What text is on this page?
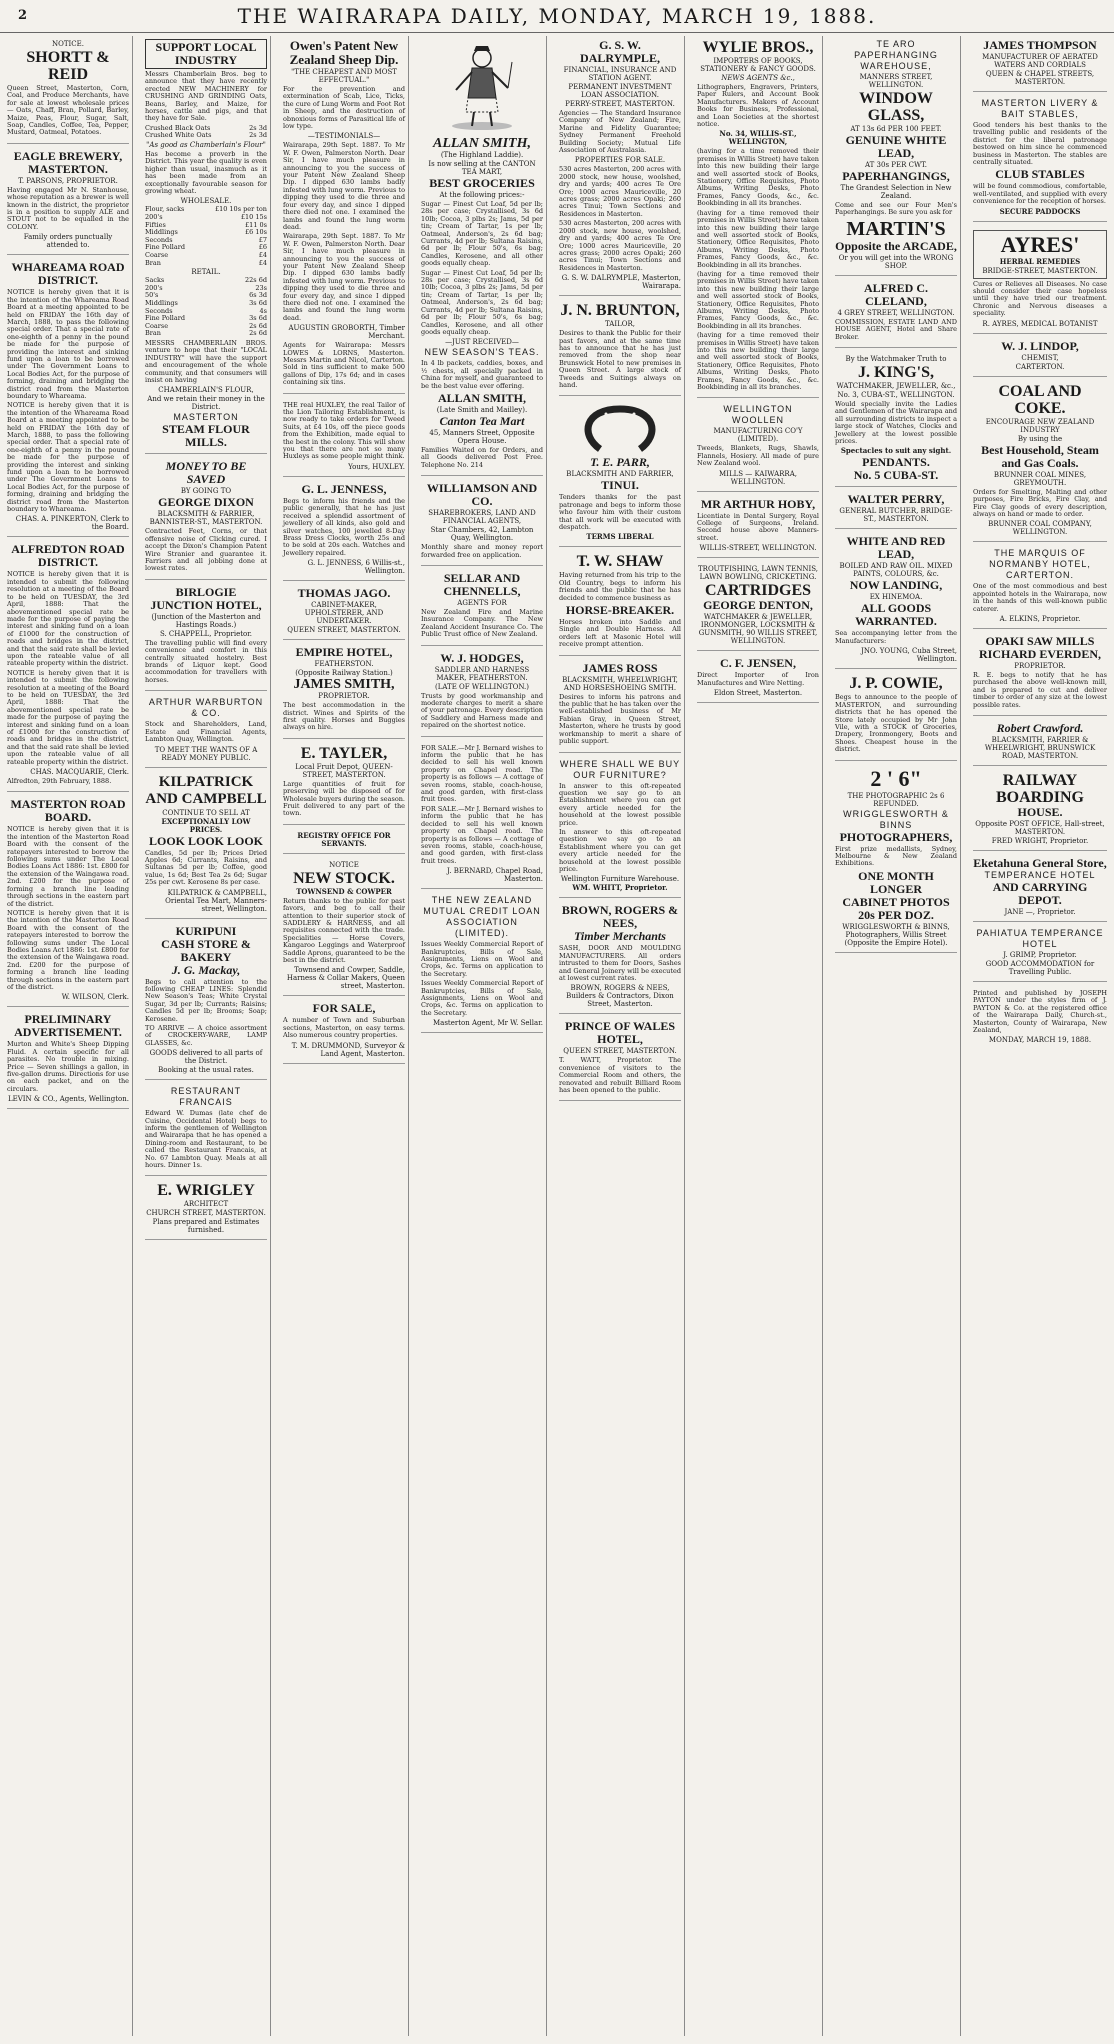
2	THE WAIRARAPA DAILY, MONDAY, MARCH 19, 1888.
NOTICE.
SHORTT & REID
Queen Street, Masterton, Corn, Coal, and Produce Merchants, have for sale at lowest wholesale prices — Oats, Chaff, Bran, Pollard, Barley, Maize, Peas, Flour, Sugar, Salt, Soap, Candles, Coffee, Tea, Pepper, Mustard, Oatmeal, Potatoes.
EAGLE BREWERY, MASTERTON.
T. PARSONS, PROPRIETOR.
Having engaged Mr N. Stanhouse, whose reputation as a brewer is well known in the district, the proprietor is in a position to supply ALE and STOUT not to be equalled in the COLONY.
Family orders punctually attended to.
WHAREAMA ROAD DISTRICT.
NOTICE is hereby given that it is the intention of the Whareama Road Board at a meeting appointed to be held on FRIDAY the 16th day of March, 1888, to pass the following special order. That a special rate of one-eighth of a penny in the pound be made for the purpose of providing the interest and sinking fund upon a loan to be borrowed under The Government Loans to Local Bodies Act, for the purpose of forming, draining and bridging the district road from the Masterton boundary to Whareama.
NOTICE is hereby given that it is the intention of the Whareama Road Board at a meeting appointed to be held on FRIDAY the 16th day of March, 1888, to pass the following special order. That a special rate of one-eighth of a penny in the pound be made for the purpose of providing the interest and sinking fund upon a loan to be borrowed under The Government Loans to Local Bodies Act, for the purpose of forming, draining and bridging the district road from the Masterton boundary to Whareama.
CHAS. A. PINKERTON, Clerk to the Board.
ALFREDTON ROAD DISTRICT.
NOTICE is hereby given that it is intended to submit the following resolution at a meeting of the Board to be held on TUESDAY, the 3rd April, 1888: That the abovementioned special rate be made for the purpose of paying the interest and sinking fund on a loan of £1000 for the construction of roads and bridges in the district, and that the said rate shall be levied upon the rateable value of all rateable property within the district.
NOTICE is hereby given that it is intended to submit the following resolution at a meeting of the Board to be held on TUESDAY, the 3rd April, 1888: That the abovementioned special rate be made for the purpose of paying the interest and sinking fund on a loan of £1000 for the construction of roads and bridges in the district, and that the said rate shall be levied upon the rateable value of all rateable property within the district.
CHAS. MACQUARIE, Clerk.
Alfredton, 29th February, 1888.
MASTERTON ROAD BOARD.
NOTICE is hereby given that it is the intention of the Masterton Road Board with the consent of the ratepayers interested to borrow the following sums under The Local Bodies Loans Act 1886: 1st. £800 for the extension of the Waingawa road. 2nd. £200 for the purpose of forming a branch line leading through sections in the eastern part of the district.
NOTICE is hereby given that it is the intention of the Masterton Road Board with the consent of the ratepayers interested to borrow the following sums under The Local Bodies Loans Act 1886: 1st. £800 for the extension of the Waingawa road. 2nd. £200 for the purpose of forming a branch line leading through sections in the eastern part of the district.
W. WILSON, Clerk.
PRELIMINARY ADVERTISEMENT.
Murton and White's Sheep Dipping Fluid. A certain specific for all parasites. No trouble in mixing. Price — Seven shillings a gallon, in five-gallon drums. Directions for use on each packet, and on the circulars.
LEVIN & CO., Agents, Wellington.
SUPPORT LOCAL INDUSTRY
Messrs Chamberlain Bros. beg to announce that they have recently erected NEW MACHINERY for CRUSHING AND GRINDING Oats, Beans, Barley, and Maize, for horses, cattle and pigs, and that they have for Sale.
Crushed Black Oats	2s 3d
Crushed White Oats	2s 3d
"As good as Chamberlain's Flour"
Has become a proverb in the District. This year the quality is even higher than usual, inasmuch as it has been made from an exceptionally favourable season for growing wheat.
WHOLESALE.
Flour, sacks	£10 10s per ton
200's	£10 15s
Fifties	£11 0s
Middlings	£6 10s
Seconds	£7
Fine Pollard	£6
Coarse	£4
Bran	£4
RETAIL.
Sacks	22s 6d
200's	23s
50's	6s 3d
Middlings	3s 6d
Seconds	4s
Fine Pollard	3s 6d
Coarse	2s 6d
Bran	2s 6d
MESSRS CHAMBERLAIN BROS. venture to hope that their "LOCAL INDUSTRY" will have the support and encouragement of the whole community, and that consumers will insist on having
CHAMBERLAIN'S FLOUR,
And we retain their money in the District.
MASTERTON
STEAM FLOUR MILLS.
MONEY TO BE SAVED
BY GOING TO
GEORGE DIXON
BLACKSMITH & FARRIER, BANNISTER-ST., MASTERTON.
Contracted Feet, Corns, or that offensive noise of Clicking cured. I accept the Dixon's Champion Patent Wire Stranier and guarantee it. Farriers and all jobbing done at lowest rates.
BIRLOGIE JUNCTION HOTEL,
(Junction of the Masterton and Hastings Roads.)
S. CHAPPELL, Proprietor.
The travelling public will find every convenience and comfort in this centrally situated hostelry. Best brands of Liquor kept. Good accommodation for travellers with horses.
ARTHUR WARBURTON & CO.
Stock and Shareholders, Land, Estate and Financial Agents, Lambton Quay, Wellington.
TO MEET THE WANTS OF A READY MONEY PUBLIC.
KILPATRICK AND CAMPBELL
CONTINUE TO SELL AT
EXCEPTIONALLY LOW PRICES.
LOOK LOOK LOOK
Candles, 5d per lb; Prices Dried Apples 6d; Currants, Raisins, and Sultanas 5d per lb; Coffee, good value, 1s 6d; Best Tea 2s 6d; Sugar 25s per cwt. Kerosene 8s per case.
KILPATRICK & CAMPBELL, Oriental Tea Mart, Manners-street, Wellington.
KURIPUNI
CASH STORE & BAKERY
J. G. Mackay,
Begs to call attention to the following CHEAP LINES: Splendid New Season's Teas; White Crystal Sugar, 3d per lb; Currants; Raisins; Candles 5d per lb; Brooms; Soap; Kerosene.
TO ARRIVE — A choice assortment of CROCKERY-WARE, LAMP GLASSES, &c.
GOODS delivered to all parts of the District.
Booking at the usual rates.
RESTAURANT FRANCAIS
Edward W. Dumas (late chef de Cuisine, Occidental Hotel) begs to inform the gentlemen of Wellington and Wairarapa that he has opened a Dining-room and Restaurant, to be called the Restaurant Francais, at No. 67 Lambton Quay. Meals at all hours. Dinner 1s.
E. WRIGLEY
ARCHITECT
CHURCH STREET, MASTERTON.
Plans prepared and Estimates furnished.
Owen's Patent New Zealand Sheep Dip.
"THE CHEAPEST AND MOST EFFECTUAL."
For the prevention and extermination of Scab, Lice, Ticks, the cure of Lung Worm and Foot Rot in Sheep, and the destruction of obnoxious forms of Parasitical life of low type.
—TESTIMONIALS—
Wairarapa, 29th Sept. 1887. To Mr W. F. Owen, Palmerston North. Dear Sir, I have much pleasure in announcing to you the success of your Patent New Zealand Sheep Dip. I dipped 630 lambs badly infested with lung worm. Previous to dipping they used to die three and four every day, and since I dipped there died not one. I examined the lambs and found the lung worm dead.
Wairarapa, 29th Sept. 1887. To Mr W. F. Owen, Palmerston North. Dear Sir, I have much pleasure in announcing to you the success of your Patent New Zealand Sheep Dip. I dipped 630 lambs badly infested with lung worm. Previous to dipping they used to die three and four every day, and since I dipped there died not one. I examined the lambs and found the lung worm dead.
AUGUSTIN GROBORTH, Timber Merchant.
Agents for Wairarapa: Messrs LOWES & LORNS, Masterton. Messrs Martin and Nicol, Carterton. Sold in tins sufficient to make 500 gallons of Dip, 17s 6d; and in cases containing six tins.
THE real HUXLEY, the real Tailor of the Lion Tailoring Establishment, is now ready to take orders for Tweed Suits, at £4 10s, off the piece goods from the Exhibition, made equal to the best in the colony. This will show you that there are not so many Huxleys as some people might think.
Yours, HUXLEY.
G. L. JENNESS,
Begs to inform his friends and the public generally, that he has just received a splendid assortment of jewellery of all kinds, also gold and silver watches, 100 jewelled 8-Day Brass Dress Clocks, worth 25s and to be sold at 20s each. Watches and Jewellery repaired.
G. L. JENNESS, 6 Willis-st., Wellington.
THOMAS JAGO.
CABINET-MAKER, UPHOLSTERER, AND UNDERTAKER.
QUEEN STREET, MASTERTON.
EMPIRE HOTEL,
FEATHERSTON.
(Opposite Railway Station.)
JAMES SMITH,
PROPRIETOR.
The best accommodation in the district. Wines and Spirits of the first quality. Horses and Buggies always on hire.
E. TAYLER,
Local Fruit Depot, QUEEN-STREET, MASTERTON.
Large quantities of fruit for preserving will be disposed of for Wholesale buyers during the season. Fruit delivered to any part of the town.
REGISTRY OFFICE FOR SERVANTS.
NOTICE
NEW STOCK.
TOWNSEND & COWPER
Return thanks to the public for past favors, and beg to call their attention to their superior stock of SADDLERY & HARNESS, and all requisites connected with the trade. Specialities — Horse Covers, Kangaroo Leggings and Waterproof Saddle Aprons, guaranteed to be the best in the district.
Townsend and Cowper, Saddle, Harness & Collar Makers, Queen street, Masterton.
FOR SALE,
A number of Town and Suburban sections, Masterton, on easy terms. Also numerous country properties.
T. M. DRUMMOND, Surveyor & Land Agent, Masterton.
ALLAN SMITH,
(The Highland Laddie).
Is now selling at the CANTON TEA MART,
BEST GROCERIES
At the following prices:-
Sugar — Finest Cut Loaf, 5d per lb; 28s per case; Crystallised, 3s 6d 10lb; Cocoa, 3 plbs 2s; Jams, 5d per tin; Cream of Tartar, 1s per lb; Oatmeal, Anderson's, 2s 6d bag; Currants, 4d per lb; Sultana Raisins, 6d per lb; Flour 50's, 6s bag; Candles, Kerosene, and all other goods equally cheap.
Sugar — Finest Cut Loaf, 5d per lb; 28s per case; Crystallised, 3s 6d 10lb; Cocoa, 3 plbs 2s; Jams, 5d per tin; Cream of Tartar, 1s per lb; Oatmeal, Anderson's, 2s 6d bag; Currants, 4d per lb; Sultana Raisins, 6d per lb; Flour 50's, 6s bag; Candles, Kerosene, and all other goods equally cheap.
—JUST RECEIVED—
NEW SEASON'S TEAS.
In 4 lb packets, caddies, boxes, and ½ chests, all specially packed in China for myself, and guaranteed to be the best value ever offering.
ALLAN SMITH,
(Late Smith and Mailley).
Canton Tea Mart
45, Manners Street, Opposite Opera House.
Families Waited on for Orders, and all Goods delivered Post Free. Telephone No. 214
WILLIAMSON AND CO.
SHAREBROKERS, LAND AND FINANCIAL AGENTS,
Star Chambers, 42, Lambton Quay, Wellington.
Monthly share and money report forwarded free on application.
SELLAR AND CHENNELLS,
AGENTS FOR
New Zealand Fire and Marine Insurance Company. The New Zealand Accident Insurance Co. The Public Trust office of New Zealand.
W. J. HODGES,
SADDLER AND HARNESS MAKER, FEATHERSTON.
(LATE OF WELLINGTON.)
Trusts by good workmanship and moderate charges to merit a share of your patronage. Every description of Saddlery and Harness made and repaired on the shortest notice.
FOR SALE.—Mr J. Bernard wishes to inform the public that he has decided to sell his well known property on Chapel road. The property is as follows — A cottage of seven rooms, stable, coach-house, and good garden, with first-class fruit trees.
FOR SALE.—Mr J. Bernard wishes to inform the public that he has decided to sell his well known property on Chapel road. The property is as follows — A cottage of seven rooms, stable, coach-house, and good garden, with first-class fruit trees.
J. BERNARD, Chapel Road, Masterton.
THE NEW ZEALAND MUTUAL CREDIT LOAN ASSOCIATION (LIMITED).
Issues Weekly Commercial Report of Bankruptcies, Bills of Sale, Assignments, Liens on Wool and Crops, &c. Terms on application to the Secretary.
Issues Weekly Commercial Report of Bankruptcies, Bills of Sale, Assignments, Liens on Wool and Crops, &c. Terms on application to the Secretary.
Masterton Agent, Mr W. Sellar.
G. S. W. DALRYMPLE,
FINANCIAL, INSURANCE AND STATION AGENT.
PERMANENT INVESTMENT LOAN ASSOCIATION.
PERRY-STREET, MASTERTON.
Agencies — The Standard Insurance Company of New Zealand; Fire, Marine and Fidelity Guarantee; Sydney Permanent Freehold Building Society; Mutual Life Association of Australasia.
PROPERTIES FOR SALE.
530 acres Masterton, 200 acres with 2000 stock, new house, woolshed, dry and yards; 400 acres Te Ore Ore; 1000 acres Mauriceville, 20 acres grass; 2000 acres Opaki; 260 acres Tinui; Town Sections and Residences in Masterton.
530 acres Masterton, 200 acres with 2000 stock, new house, woolshed, dry and yards; 400 acres Te Ore Ore; 1000 acres Mauriceville, 20 acres grass; 2000 acres Opaki; 260 acres Tinui; Town Sections and Residences in Masterton.
G. S. W. DALRYMPLE, Masterton, Wairarapa.
J. N. BRUNTON,
TAILOR,
Desires to thank the Public for their past favors, and at the same time has to announce that he has just removed from the shop near Brunswick Hotel to new premises in Queen Street. A large stock of Tweeds and Suitings always on hand.
T. E. PARR,
BLACKSMITH AND FARRIER,
TINUI.
Tenders thanks for the past patronage and begs to inform those who favour him with their custom that all work will be executed with despatch.
TERMS LIBERAL
T. W. SHAW
Having returned from his trip to the Old Country, begs to inform his friends and the public that he has decided to commence business as
HORSE-BREAKER.
Horses broken into Saddle and Single and Double Harness. All orders left at Masonic Hotel will receive prompt attention.
JAMES ROSS
BLACKSMITH, WHEELWRIGHT, AND HORSESHOEING SMITH.
Desires to inform his patrons and the public that he has taken over the well-established business of Mr Fabian Gray, in Queen Street, Masterton, where he trusts by good workmanship to merit a share of public support.
WHERE SHALL WE BUY OUR FURNITURE?
In answer to this oft-repeated question we say go to an Establishment where you can get every article needed for the household at the lowest possible price.
In answer to this oft-repeated question we say go to an Establishment where you can get every article needed for the household at the lowest possible price.
Wellington Furniture Warehouse.
WM. WHITT, Proprietor.
BROWN, ROGERS & NEES,
Timber Merchants
SASH, DOOR AND MOULDING MANUFACTURERS. All orders intrusted to them for Doors, Sashes and General Joinery will be executed at lowest current rates.
BROWN, ROGERS & NEES, Builders & Contractors, Dixon Street, Masterton.
PRINCE OF WALES HOTEL,
QUEEN STREET, MASTERTON.
T. WATT, Proprietor. The convenience of visitors to the Commercial Room and others, the renovated and rebuilt Billiard Room has been opened to the public.
WYLIE BROS.,
IMPORTERS OF BOOKS, STATIONERY & FANCY GOODS.
NEWS AGENTS &c.,
Lithographers, Engravers, Printers, Paper Rulers, and Account Book Manufacturers. Makers of Account Books for Business, Professional, and Loan Societies at the shortest notice.
No. 34, WILLIS-ST., WELLINGTON,
(having for a time removed their premises in Willis Street) have taken into this new building their large and well assorted stock of Books, Stationery, Office Requisites, Photo Albums, Writing Desks, Photo Frames, Fancy Goods, &c., &c. Bookbinding in all its branches.
(having for a time removed their premises in Willis Street) have taken into this new building their large and well assorted stock of Books, Stationery, Office Requisites, Photo Albums, Writing Desks, Photo Frames, Fancy Goods, &c., &c. Bookbinding in all its branches.
(having for a time removed their premises in Willis Street) have taken into this new building their large and well assorted stock of Books, Stationery, Office Requisites, Photo Albums, Writing Desks, Photo Frames, Fancy Goods, &c., &c. Bookbinding in all its branches.
(having for a time removed their premises in Willis Street) have taken into this new building their large and well assorted stock of Books, Stationery, Office Requisites, Photo Albums, Writing Desks, Photo Frames, Fancy Goods, &c., &c. Bookbinding in all its branches.
WELLINGTON WOOLLEN
MANUFACTURING CO'Y (LIMITED).
Tweeds, Blankets, Rugs, Shawls, Flannels, Hosiery. All made of pure New Zealand wool.
MILLS — KAIWARRA, WELLINGTON.
MR ARTHUR HOBY,
Licentiate in Dental Surgery, Royal College of Surgeons, Ireland. Second house above Manners-street.
WILLIS-STREET, WELLINGTON.
TROUTFISHING, LAWN TENNIS, LAWN BOWLING, CRICKETING.
CARTRIDGES
GEORGE DENTON,
WATCHMAKER & JEWELLER, IRONMONGER, LOCKSMITH & GUNSMITH, 90 WILLIS STREET, WELLINGTON.
C. F. JENSEN,
Direct Importer of Iron Manufactures and Wire Netting.
Eldon Street, Masterton.
TE ARO PAPERHANGING WAREHOUSE,
MANNERS STREET, WELLINGTON.
WINDOW GLASS,
AT 13s 6d PER 100 FEET.
GENUINE WHITE LEAD,
AT 30s PER CWT.
PAPERHANGINGS,
The Grandest Selection in New Zealand.
Come and see our Four Men's Paperhangings. Be sure you ask for
MARTIN'S
Opposite the ARCADE,
Or you will get into the WRONG SHOP.
ALFRED C. CLELAND,
4 GREY STREET, WELLINGTON.
COMMISSION, ESTATE LAND AND HOUSE AGENT, Hotel and Share Broker.
By the Watchmaker Truth to
J. KING'S,
WATCHMAKER, JEWELLER, &c.,
No. 3, CUBA-ST., WELLINGTON.
Would specially invite the Ladies and Gentlemen of the Wairarapa and all surrounding districts to inspect a large stock of Watches, Clocks and Jewellery at the lowest possible prices.
Spectacles to suit any sight.
PENDANTS.
No. 5 CUBA-ST.
WALTER PERRY,
GENERAL BUTCHER, BRIDGE-ST., MASTERTON.
WHITE AND RED LEAD,
BOILED AND RAW OIL. MIXED PAINTS, COLOURS, &c.
NOW LANDING,
EX HINEMOA.
ALL GOODS WARRANTED.
Sea accompanying letter from the Manufacturers:
JNO. YOUNG, Cuba Street, Wellington.
J. P. COWIE,
Begs to announce to the people of MASTERTON, and surrounding districts that he has opened the Store lately occupied by Mr John Vile, with a STOCK of Groceries, Drapery, Ironmongery, Boots and Shoes. Cheapest house in the district.
2 ' 6"
THE PHOTOGRAPHIC 2s 6 REFUNDED.
WRIGGLESWORTH & BINNS
PHOTOGRAPHERS,
First prize medallists, Sydney, Melbourne & New Zealand Exhibitions.
ONE MONTH LONGER
CABINET PHOTOS 20s PER DOZ.
WRIGGLESWORTH & BINNS, Photographers, Willis Street (Opposite the Empire Hotel).
JAMES THOMPSON
MANUFACTURER OF AERATED WATERS AND CORDIALS
QUEEN & CHAPEL STREETS, MASTERTON.
MASTERTON LIVERY & BAIT STABLES,
Good tenders his best thanks to the travelling public and residents of the district for the liberal patronage bestowed on him since he commenced business in Masterton. The stables are centrally situated.
CLUB STABLES
will be found commodious, comfortable, well-ventilated, and supplied with every convenience for the reception of horses.
SECURE PADDOCKS
AYRES'
HERBAL REMEDIES
BRIDGE-STREET, MASTERTON.
Cures or Relieves all Diseases. No case should consider their case hopeless until they have tried our treatment. Chronic and Nervous diseases a speciality.
R. AYRES, MEDICAL BOTANIST
W. J. LINDOP,
CHEMIST,
CARTERTON.
COAL AND COKE.
ENCOURAGE NEW ZEALAND INDUSTRY
By using the
Best Household, Steam and Gas Coals.
BRUNNER COAL MINES, GREYMOUTH.
Orders for Smelting, Malting and other purposes, Fire Bricks, Fire Clay, and Fire Clay goods of every description, always on hand or made to order.
BRUNNER COAL COMPANY, WELLINGTON.
THE MARQUIS OF NORMANBY HOTEL, CARTERTON.
One of the most commodious and best appointed hotels in the Wairarapa, now in the hands of this well-known public caterer.
A. ELKINS, Proprietor.
OPAKI SAW MILLS
RICHARD EVERDEN,
PROPRIETOR.
R. E. begs to notify that he has purchased the above well-known mill, and is prepared to cut and deliver timber to order of any size at the lowest possible rates.
Robert Crawford.
BLACKSMITH, FARRIER & WHEELWRIGHT, BRUNSWICK ROAD, MASTERTON.
RAILWAY BOARDING
HOUSE.
Opposite POST OFFICE, Hall-street, MASTERTON.
FRED WRIGHT, Proprietor.
Eketahuna General Store,
TEMPERANCE HOTEL
AND CARRYING DEPOT.
JANE —, Proprietor.
PAHIATUA TEMPERANCE HOTEL
J. GRIMP, Proprietor.
GOOD ACCOMMODATION for Travelling Public.
Printed and published by JOSEPH PAYTON under the styles firm of J. PAYTON & Co. at the registered office of the Wairarapa Daily, Church-st., Masterton, County of Wairarapa, New Zealand,
MONDAY, MARCH 19, 1888.
